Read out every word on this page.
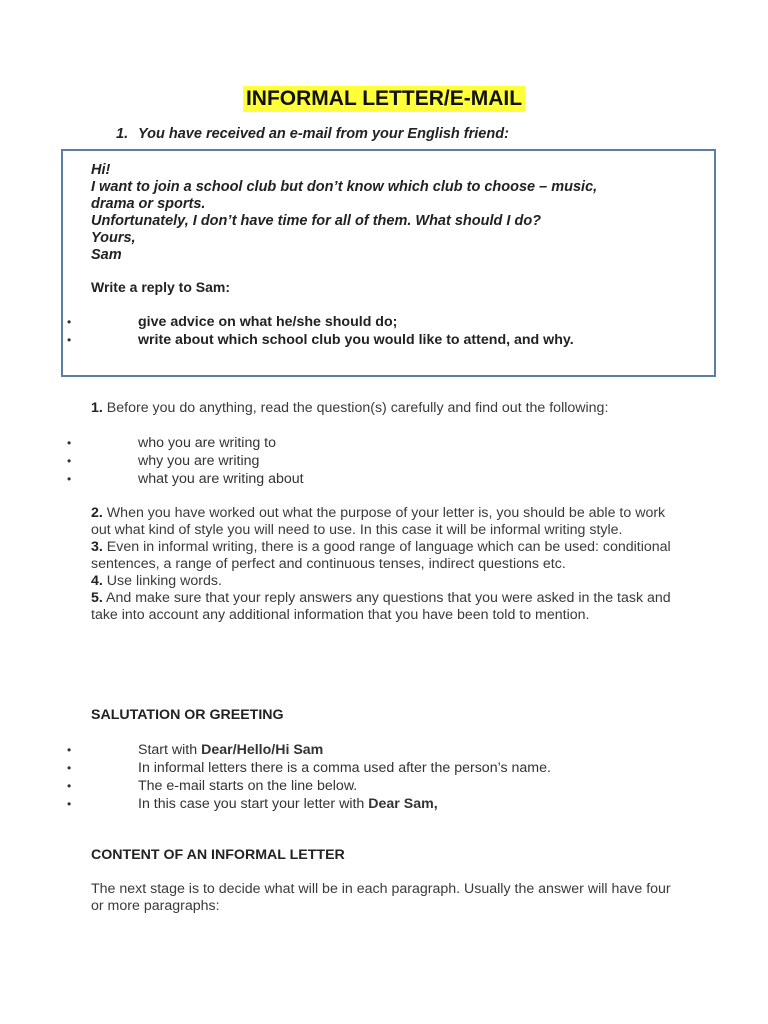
INFORMAL LETTER/E-MAIL
1. You have received an e-mail from your English friend:
Hi!
I want to join a school club but don’t know which club to choose – music,
drama or sports.
Unfortunately, I don’t have time for all of them. What should I do?
Yours,
Sam
Write a reply to Sam:
•	give advice on what he/she should do;
•	write about which school club you would like to attend, and why.
1. Before you do anything, read the question(s) carefully and find out the following:
•	who you are writing to
•	why you are writing
•	what you are writing about
2. When you have worked out what the purpose of your letter is, you should be able to work out what kind of style you will need to use. In this case it will be informal writing style.
3. Even in informal writing, there is a good range of language which can be used: conditional sentences, a range of perfect and continuous tenses, indirect questions etc.
4. Use linking words.
5. And make sure that your reply answers any questions that you were asked in the task and take into account any additional information that you have been told to mention.
SALUTATION OR GREETING
•	Start with Dear/Hello/Hi Sam
•	In informal letters there is a comma used after the person’s name.
•	The e-mail starts on the line below.
•	In this case you start your letter with Dear Sam,
CONTENT OF AN INFORMAL LETTER
The next stage is to decide what will be in each paragraph. Usually the answer will have four or more paragraphs:
